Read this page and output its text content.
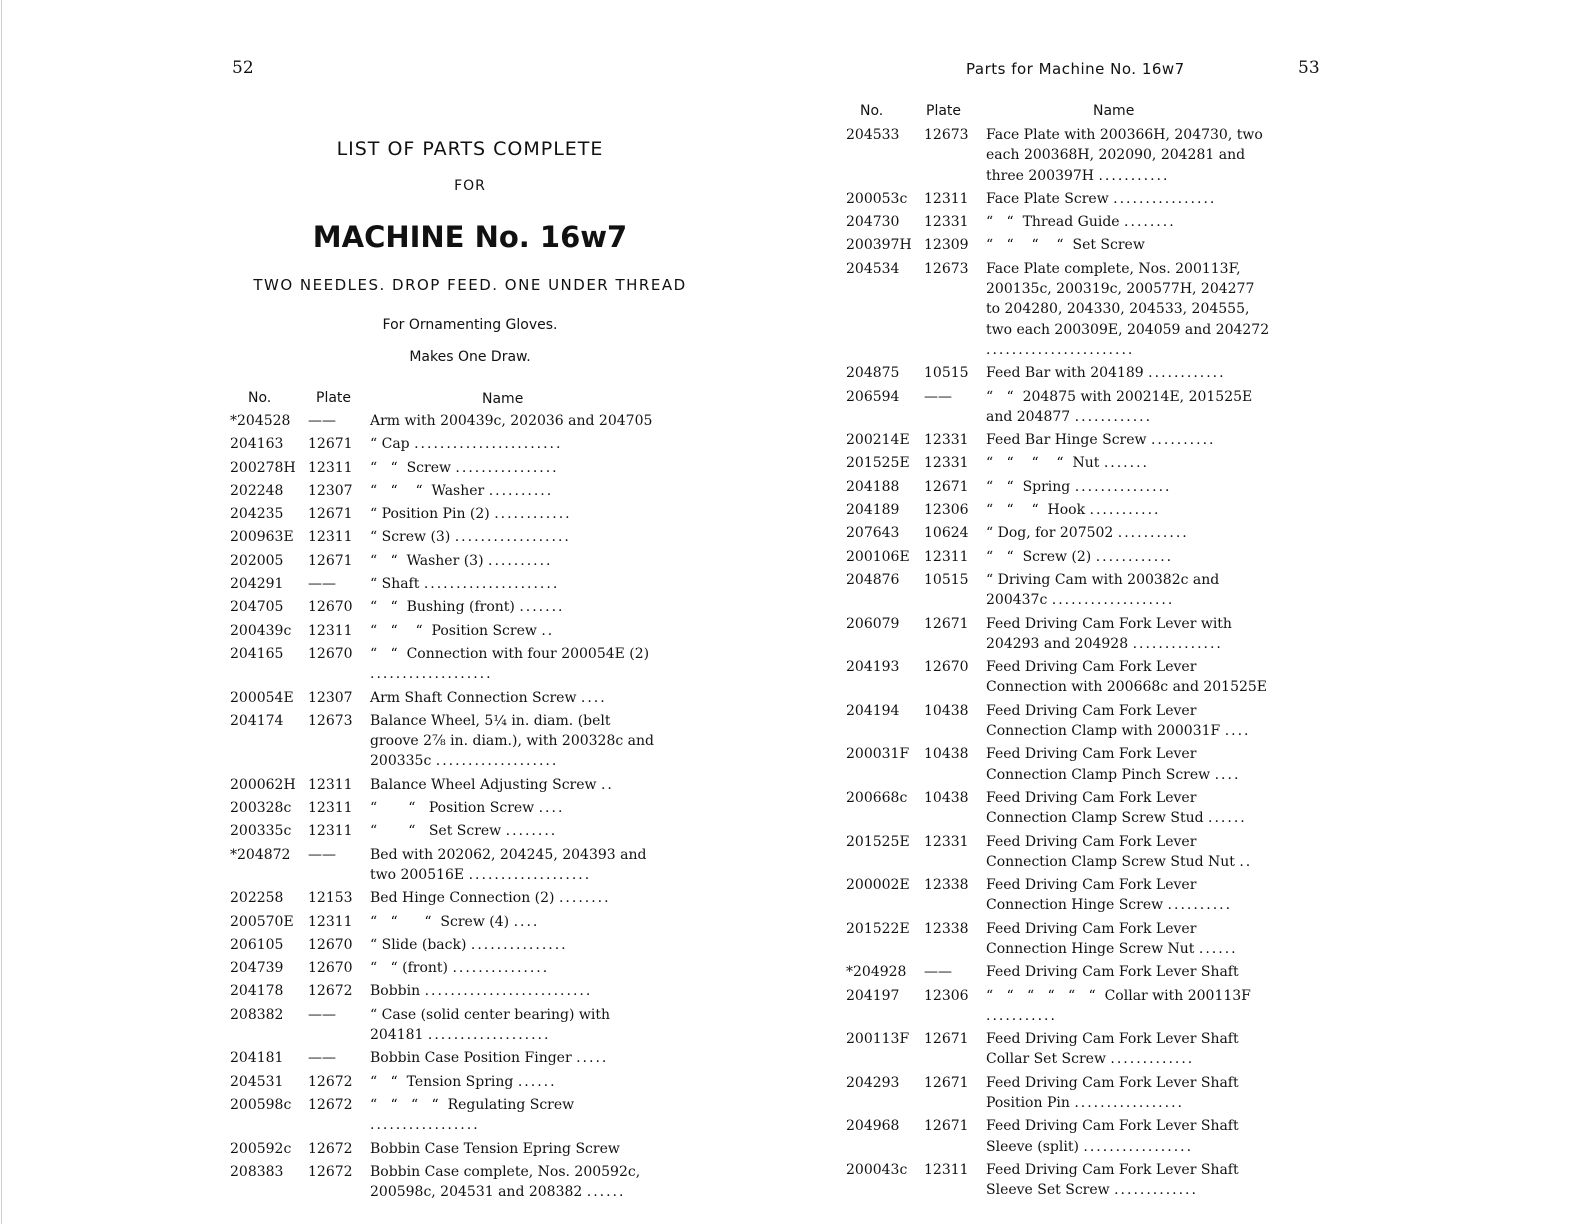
52
LIST OF PARTS COMPLETE
FOR
MACHINE No. 16w7
TWO NEEDLES. DROP FEED. ONE UNDER THREAD
For Ornamenting Gloves.
Makes One Draw.
No.	Plate	Name
*204528	——	Arm with 200439c, 202036 and 204705
204163	12671	“ Cap .......................
200278H 12311	“   “  Screw ................
202248	12307	“   “    “  Washer ..........
204235	12671	“ Position Pin (2) ............
200963E	12311	“ Screw (3) ..................
202005	12671	“   “  Washer (3) ..........
204291	——	“ Shaft .....................
204705	12670	“   “  Bushing (front) .......
200439c	12311	“   “    “  Position Screw ..
204165	12670	“   “  Connection with four 200054E (2) ...................
200054E	12307	Arm Shaft Connection Screw ....
204174	12673	Balance Wheel, 5¼ in. diam. (belt groove 2⅞ in. diam.), with 200328c and 200335c ...................
200062H 12311	Balance Wheel Adjusting Screw ..
200328c	12311	“       “   Position Screw ....
200335c	12311	“       “   Set Screw ........
*204872	——	Bed with 202062, 204245, 204393 and two 200516E ...................
202258	12153	Bed Hinge Connection (2) ........
200570E	12311	“   “      “  Screw (4) ....
206105	12670	“ Slide (back) ...............
204739	12670	“   “ (front) ...............
204178	12672	Bobbin ..........................
208382	——	“ Case (solid center bearing) with 204181 ...................
204181	——	Bobbin Case Position Finger .....
204531	12672	“   “  Tension Spring ......
200598c	12672	“   “   “   “  Regulating Screw .................
200592c	12672	Bobbin Case Tension Epring Screw
208383	12672	Bobbin Case complete, Nos. 200592c, 200598c, 204531 and 208382 ......
Parts for Machine No. 16w7	53
No.	Plate	Name
204533	12673	Face Plate with 200366H, 204730, two each 200368H, 202090, 204281 and three 200397H ...........
200053c	12311	Face Plate Screw ................
204730	12331	“   “  Thread Guide ........
200397H 12309	“   “    “    “  Set Screw
204534	12673	Face Plate complete, Nos. 200113F, 200135c, 200319c, 200577H, 204277 to 204280, 204330, 204533, 204555, two each 200309E, 204059 and 204272 .......................
204875	10515	Feed Bar with 204189 ............
206594	——	“   “  204875 with 200214E, 201525E and 204877 ............
200214E	12331	Feed Bar Hinge Screw ..........
201525E	12331	“   “    “    “  Nut .......
204188	12671	“   “  Spring ...............
204189	12306	“   “    “  Hook ...........
207643	10624	“ Dog, for 207502 ...........
200106E	12311	“   “  Screw (2) ............
204876	10515	“ Driving Cam with 200382c and 200437c ...................
206079	12671	Feed Driving Cam Fork Lever with 204293 and 204928 ..............
204193	12670	Feed Driving Cam Fork Lever Connection with 200668c and 201525E
204194	10438	Feed Driving Cam Fork Lever Connection Clamp with 200031F ....
200031F	10438	Feed Driving Cam Fork Lever Connection Clamp Pinch Screw ....
200668c	10438	Feed Driving Cam Fork Lever Connection Clamp Screw Stud ......
201525E	12331	Feed Driving Cam Fork Lever Connection Clamp Screw Stud Nut ..
200002E	12338	Feed Driving Cam Fork Lever Connection Hinge Screw ..........
201522E	12338	Feed Driving Cam Fork Lever Connection Hinge Screw Nut ......
*204928	——	Feed Driving Cam Fork Lever Shaft
204197	12306	“   “   “   “   “   “  Collar with 200113F ...........
200113F	12671	Feed Driving Cam Fork Lever Shaft Collar Set Screw .............
204293	12671	Feed Driving Cam Fork Lever Shaft Position Pin .................
204968	12671	Feed Driving Cam Fork Lever Shaft Sleeve (split) .................
200043c	12311	Feed Driving Cam Fork Lever Shaft Sleeve Set Screw .............
